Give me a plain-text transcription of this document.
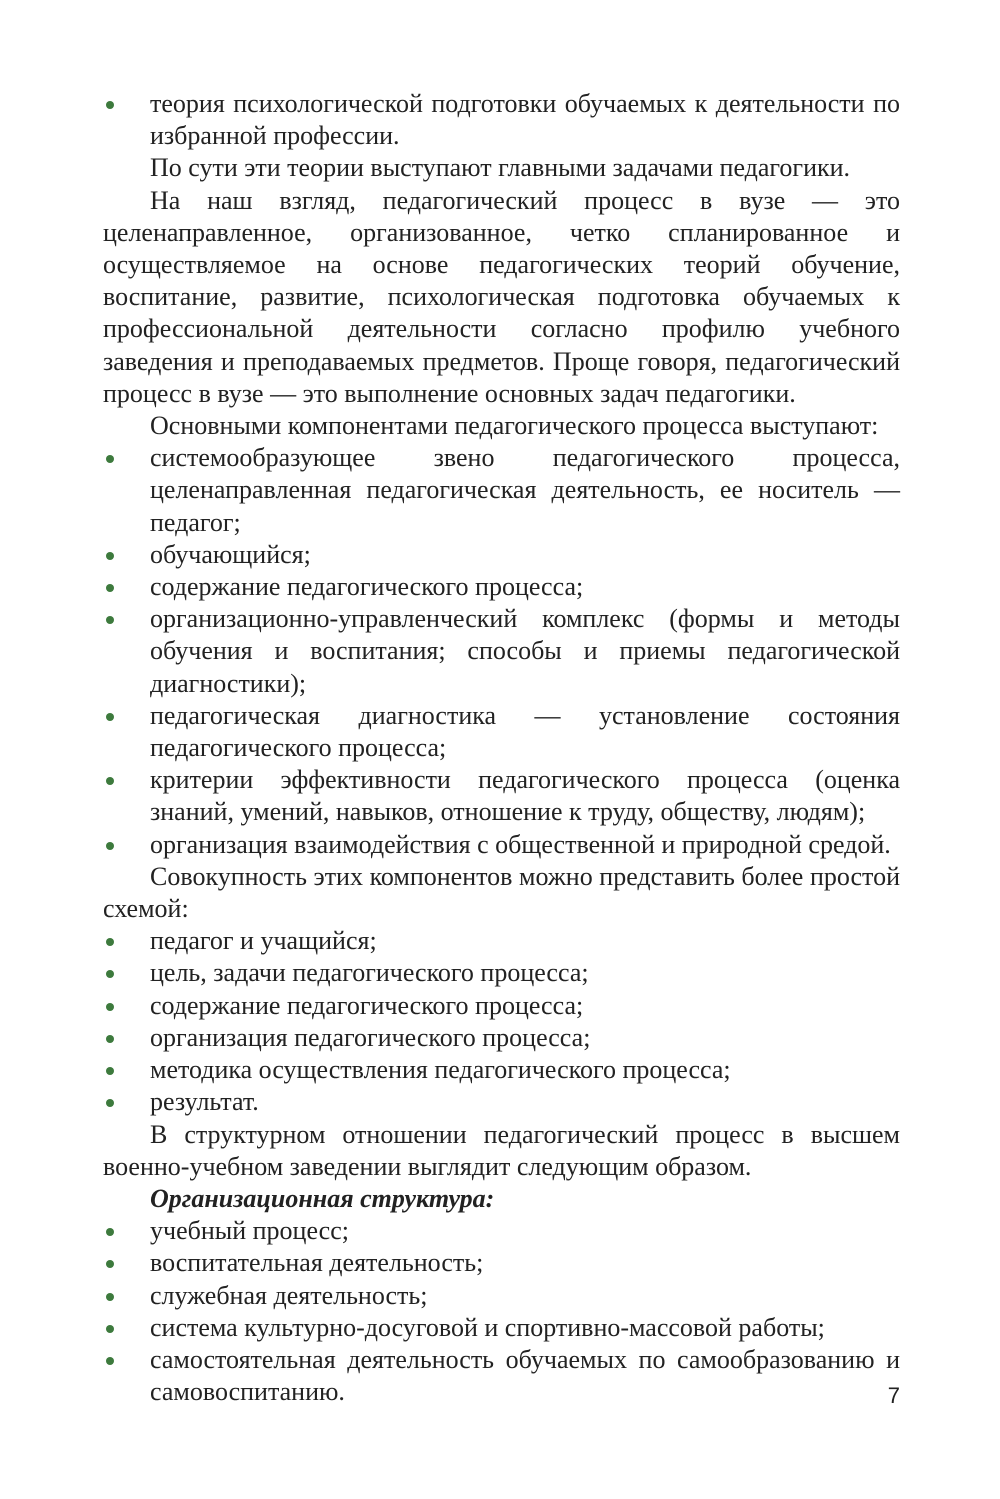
теория психологической подготовки обучаемых к деятельности по избранной профессии.

По сути эти теории выступают главными задачами педагогики.

На наш взгляд, педагогический процесс в вузе — это целенаправленное, организованное, четко спланированное и осуществляемое на основе педагогических теорий обучение, воспитание, развитие, психологическая подготовка обучаемых к профессиональной деятельности согласно профилю учебного заведения и преподаваемых предметов. Проще говоря, педагогический процесс в вузе — это выполнение основных задач педагогики.

Основными компонентами педагогического процесса выступают:

системообразующее звено педагогического процесса, целенаправленная педагогическая деятельность, ее носитель — педагог;
обучающийся;
содержание педагогического процесса;
организационно-управленческий комплекс (формы и методы обучения и воспитания; способы и приемы педагогической диагностики);
педагогическая диагностика — установление состояния педагогического процесса;
критерии эффективности педагогического процесса (оценка знаний, умений, навыков, отношение к труду, обществу, людям);
организация взаимодействия с общественной и природной средой.

Совокупность этих компонентов можно представить более простой схемой:

педагог и учащийся;
цель, задачи педагогического процесса;
содержание педагогического процесса;
организация педагогического процесса;
методика осуществления педагогического процесса;
результат.

В структурном отношении педагогический процесс в высшем военно-учебном заведении выглядит следующим образом.

Организационная структура:

учебный процесс;
воспитательная деятельность;
служебная деятельность;
система культурно-досуговой и спортивно-массовой работы;
самостоятельная деятельность обучаемых по самообразованию и самовоспитанию.	7
